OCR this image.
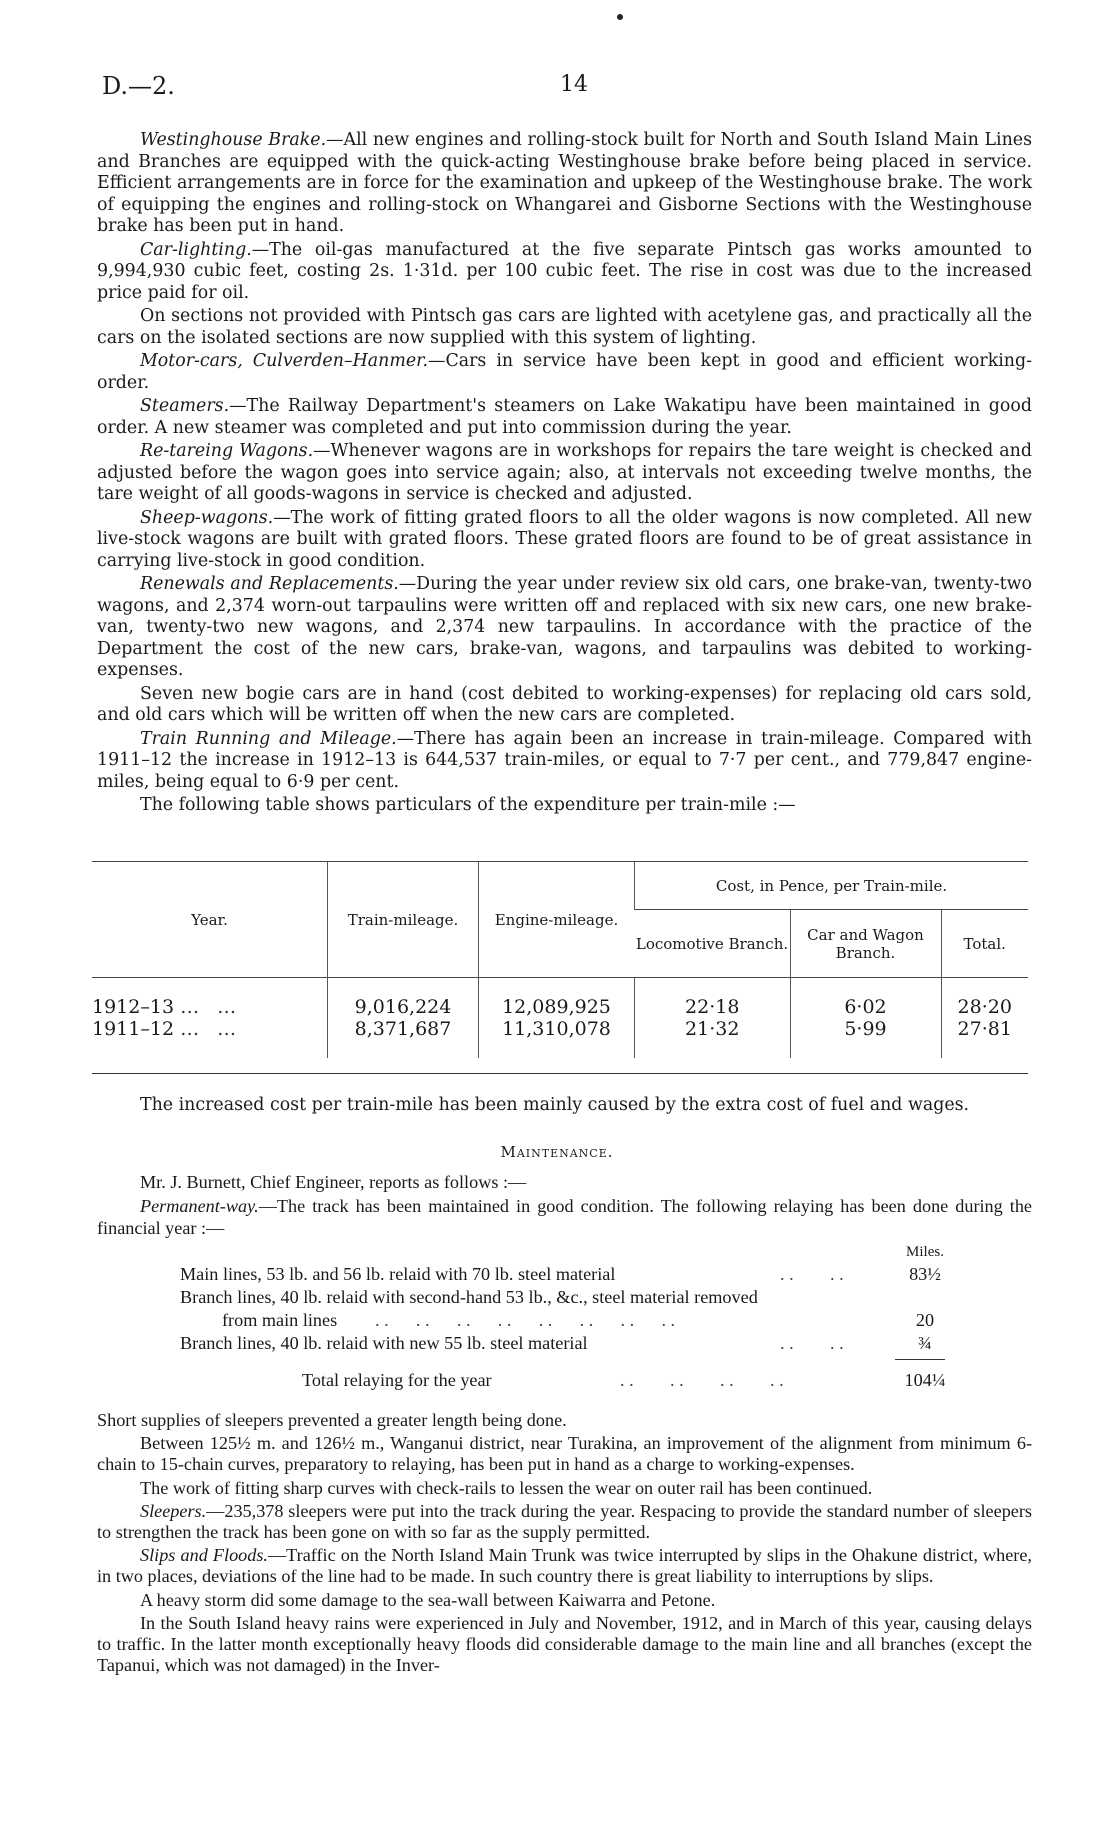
D.—2.	14

Westinghouse Brake.—All new engines and rolling-stock built for North and South Island Main Lines and Branches are equipped with the quick-acting Westinghouse brake before being placed in service. Efficient arrangements are in force for the examination and upkeep of the Westinghouse brake. The work of equipping the engines and rolling-stock on Whangarei and Gisborne Sections with the Westinghouse brake has been put in hand.

Car-lighting.—The oil-gas manufactured at the five separate Pintsch gas works amounted to 9,994,930 cubic feet, costing 2s. 1·31d. per 100 cubic feet. The rise in cost was due to the increased price paid for oil.

On sections not provided with Pintsch gas cars are lighted with acetylene gas, and practically all the cars on the isolated sections are now supplied with this system of lighting.

Motor-cars, Culverden–Hanmer.—Cars in service have been kept in good and efficient working-order.

Steamers.—The Railway Department's steamers on Lake Wakatipu have been maintained in good order. A new steamer was completed and put into commission during the year.

Re-tareing Wagons.—Whenever wagons are in workshops for repairs the tare weight is checked and adjusted before the wagon goes into service again; also, at intervals not exceeding twelve months, the tare weight of all goods-wagons in service is checked and adjusted.

Sheep-wagons.—The work of fitting grated floors to all the older wagons is now completed. All new live-stock wagons are built with grated floors. These grated floors are found to be of great assistance in carrying live-stock in good condition.

Renewals and Replacements.—During the year under review six old cars, one brake-van, twenty-two wagons, and 2,374 worn-out tarpaulins were written off and replaced with six new cars, one new brake-van, twenty-two new wagons, and 2,374 new tarpaulins. In accordance with the practice of the Department the cost of the new cars, brake-van, wagons, and tarpaulins was debited to working-expenses.

Seven new bogie cars are in hand (cost debited to working-expenses) for replacing old cars sold, and old cars which will be written off when the new cars are completed.

Train Running and Mileage.—There has again been an increase in train-mileage. Compared with 1911–12 the increase in 1912–13 is 644,537 train-miles, or equal to 7·7 per cent., and 779,847 engine-miles, being equal to 6·9 per cent.

The following table shows particulars of the expenditure per train-mile :—

Year.	Train-mileage.	Engine-mileage.	Cost, in Pence, per Train-mile.		
			Locomotive Branch.	Car and Wagon Branch.	Total.

1912–13 … …	9,016,224	12,089,925	22·18	6·02	28·20
1911–12 … …	8,371,687	11,310,078	21·32	5·99	27·81
The increased cost per train-mile has been mainly caused by the extra cost of fuel and wages.
Maintenance.

Mr. J. Burnett, Chief Engineer, reports as follows :—

Permanent-way.—The track has been maintained in good condition. The following relaying has been done during the financial year :—

Miles.
Main lines, 53 lb. and 56 lb. relaid with 70 lb. steel material	. .        . .	83½
Branch lines, 40 lb. relaid with second-hand 53 lb., &c., steel material removed
from main lines . .      . .      . .      . .      . .      . .      . .      . .	20
Branch lines, 40 lb. relaid with new 55 lb. steel material	. .        . .	¾
Total relaying for the year	. .        . .        . .        . .	104¼

Short supplies of sleepers prevented a greater length being done.

Between 125½ m. and 126½ m., Wanganui district, near Turakina, an improvement of the alignment from minimum 6-chain to 15-chain curves, preparatory to relaying, has been put in hand as a charge to working-expenses.

The work of fitting sharp curves with check-rails to lessen the wear on outer rail has been continued.

Sleepers.—235,378 sleepers were put into the track during the year. Respacing to provide the standard number of sleepers to strengthen the track has been gone on with so far as the supply permitted.

Slips and Floods.—Traffic on the North Island Main Trunk was twice interrupted by slips in the Ohakune district, where, in two places, deviations of the line had to be made. In such country there is great liability to interruptions by slips.

A heavy storm did some damage to the sea-wall between Kaiwarra and Petone.

In the South Island heavy rains were experienced in July and November, 1912, and in March of this year, causing delays to traffic. In the latter month exceptionally heavy floods did considerable damage to the main line and all branches (except the Tapanui, which was not damaged) in the Inver-
